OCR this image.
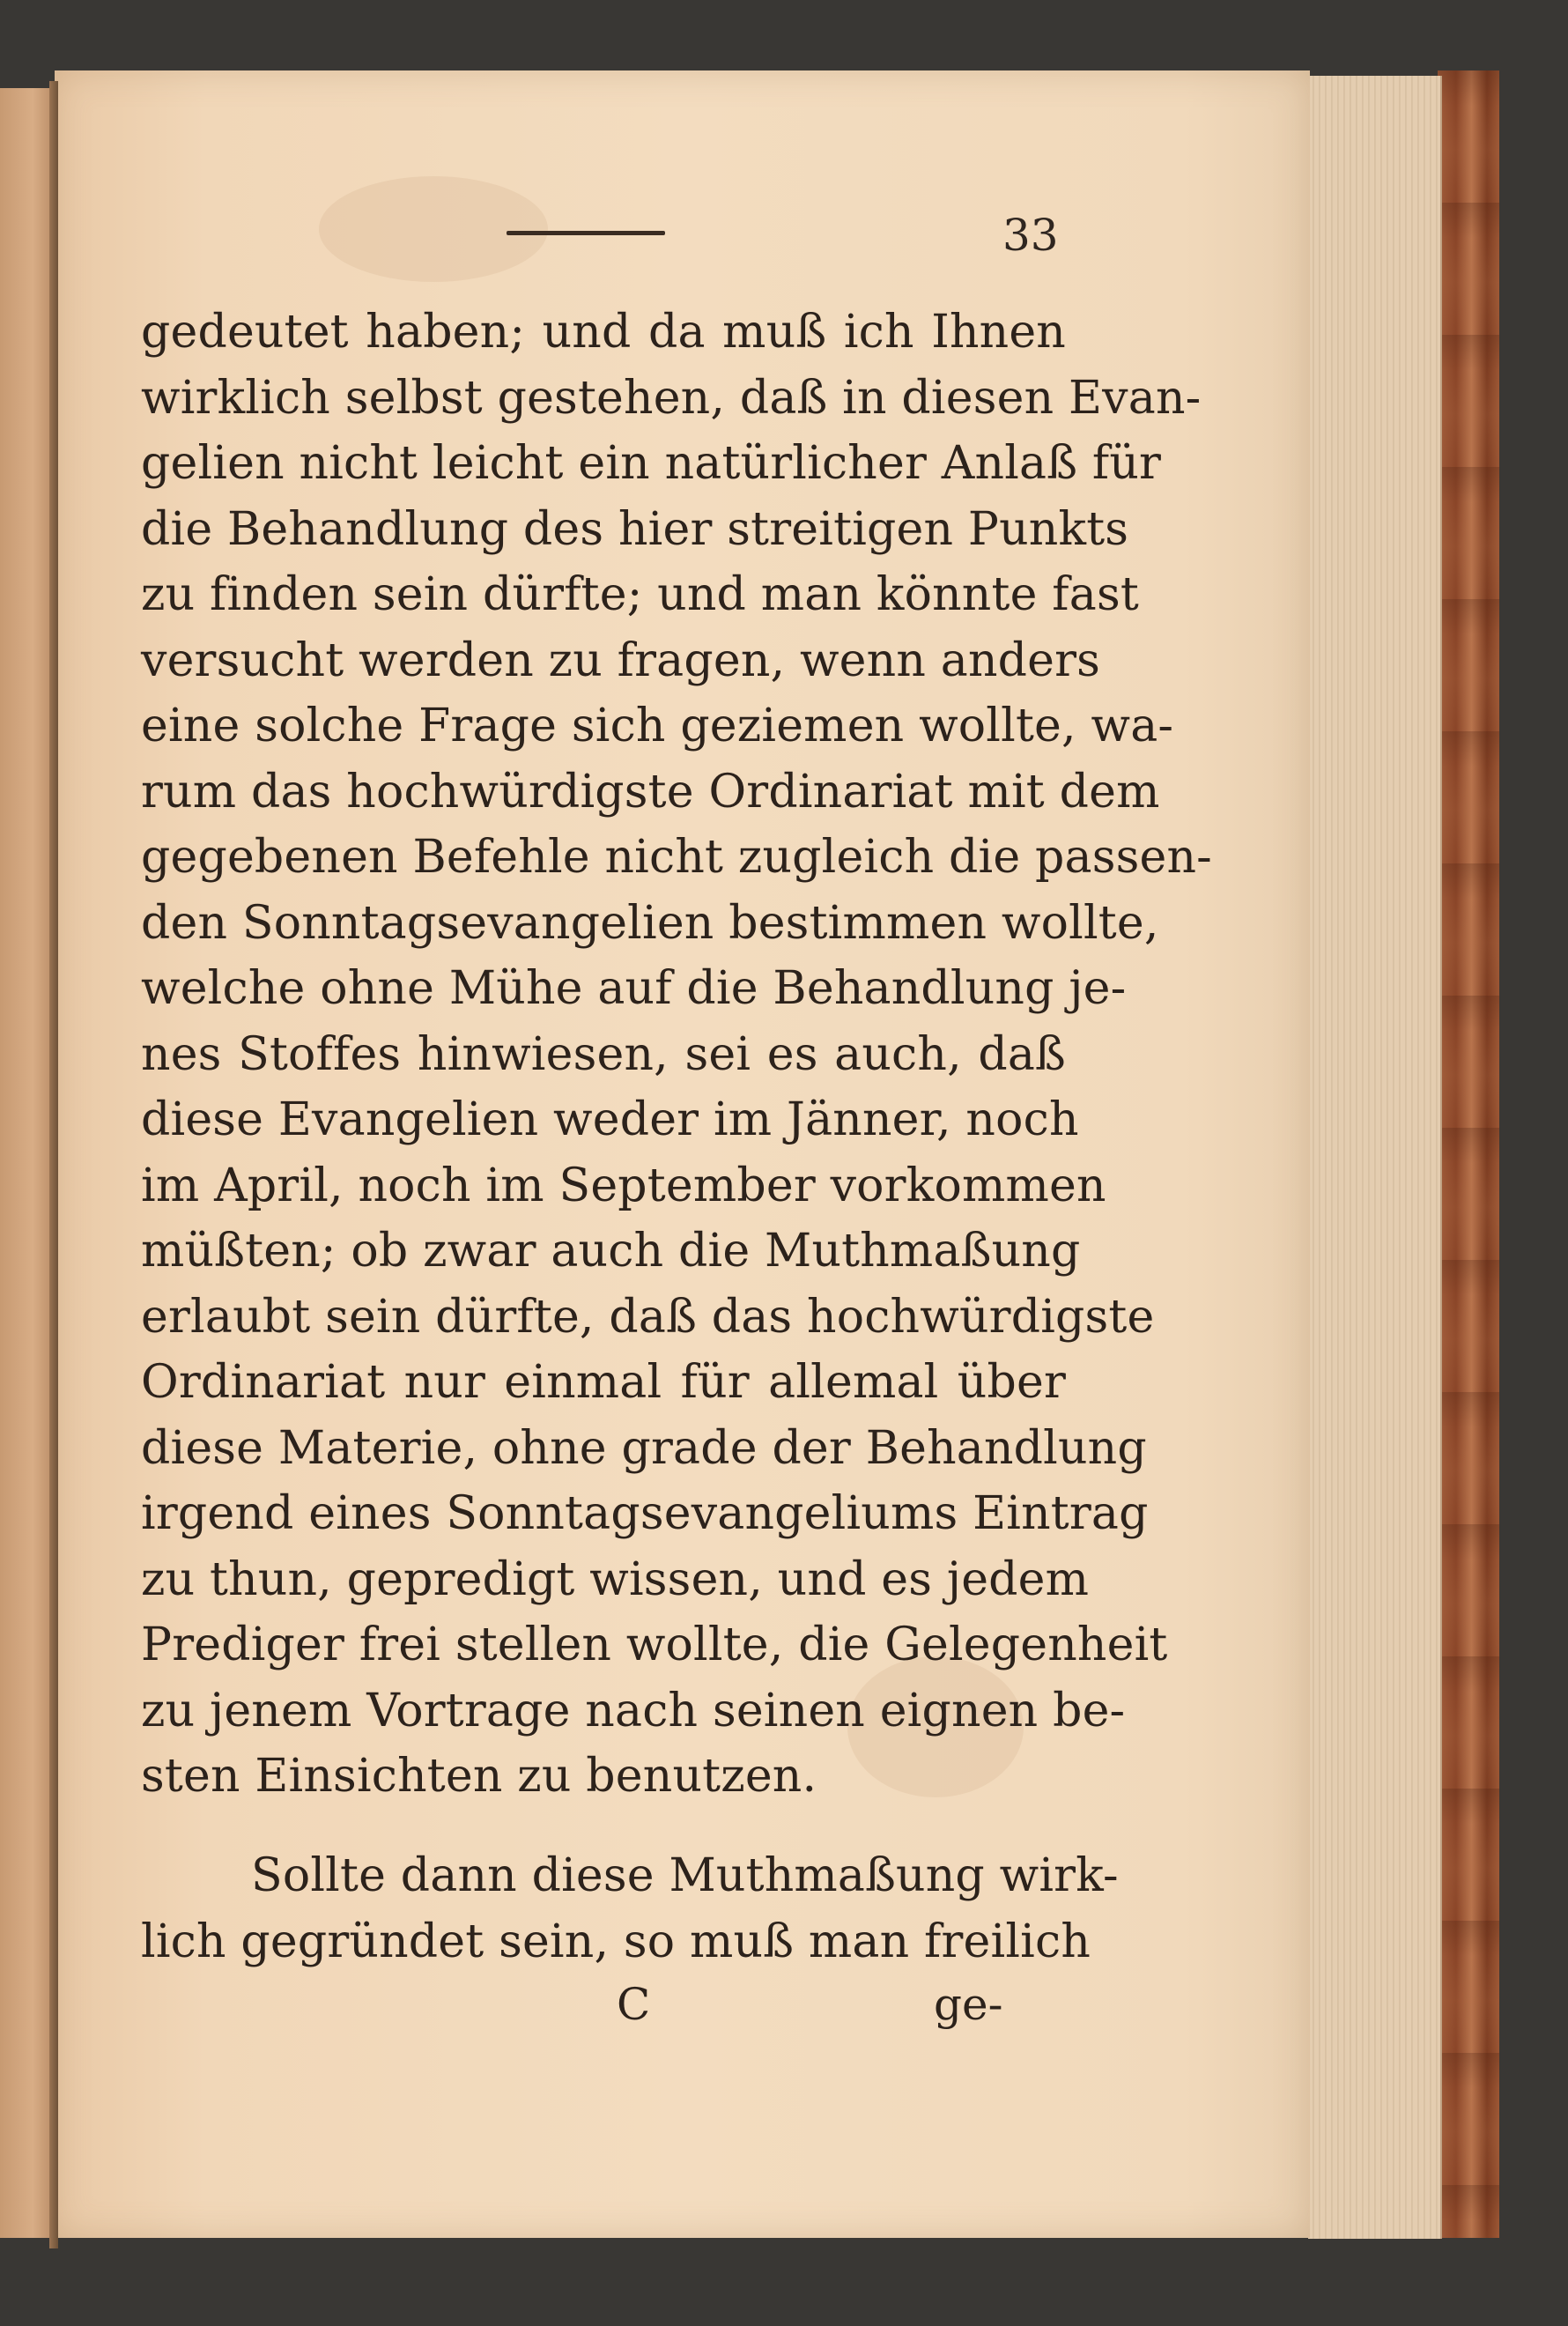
33
gedeutet haben; und da muß ich Ihnen
wirklich selbst gestehen, daß in diesen Evan-
gelien nicht leicht ein natürlicher Anlaß für
die Behandlung des hier streitigen Punkts
zu finden sein dürfte; und man könnte fast
versucht werden zu fragen, wenn anders
eine solche Frage sich geziemen wollte, wa-
rum das hochwürdigste Ordinariat mit dem
gegebenen Befehle nicht zugleich die passen-
den Sonntagsevangelien bestimmen wollte,
welche ohne Mühe auf die Behandlung je-
nes Stoffes hinwiesen, sei es auch, daß
diese Evangelien weder im Jänner, noch
im April, noch im September vorkommen
müßten; ob zwar auch die Muthmaßung
erlaubt sein dürfte, daß das hochwürdigste
Ordinariat nur einmal für allemal über
diese Materie, ohne grade der Behandlung
irgend eines Sonntagsevangeliums Eintrag
zu thun, gepredigt wissen, und es jedem
Prediger frei stellen wollte, die Gelegenheit
zu jenem Vortrage nach seinen eignen be-
sten Einsichten zu benutzen.
Sollte dann diese Muthmaßung wirk-
lich gegründet sein, so muß man freilich
C	ge-
